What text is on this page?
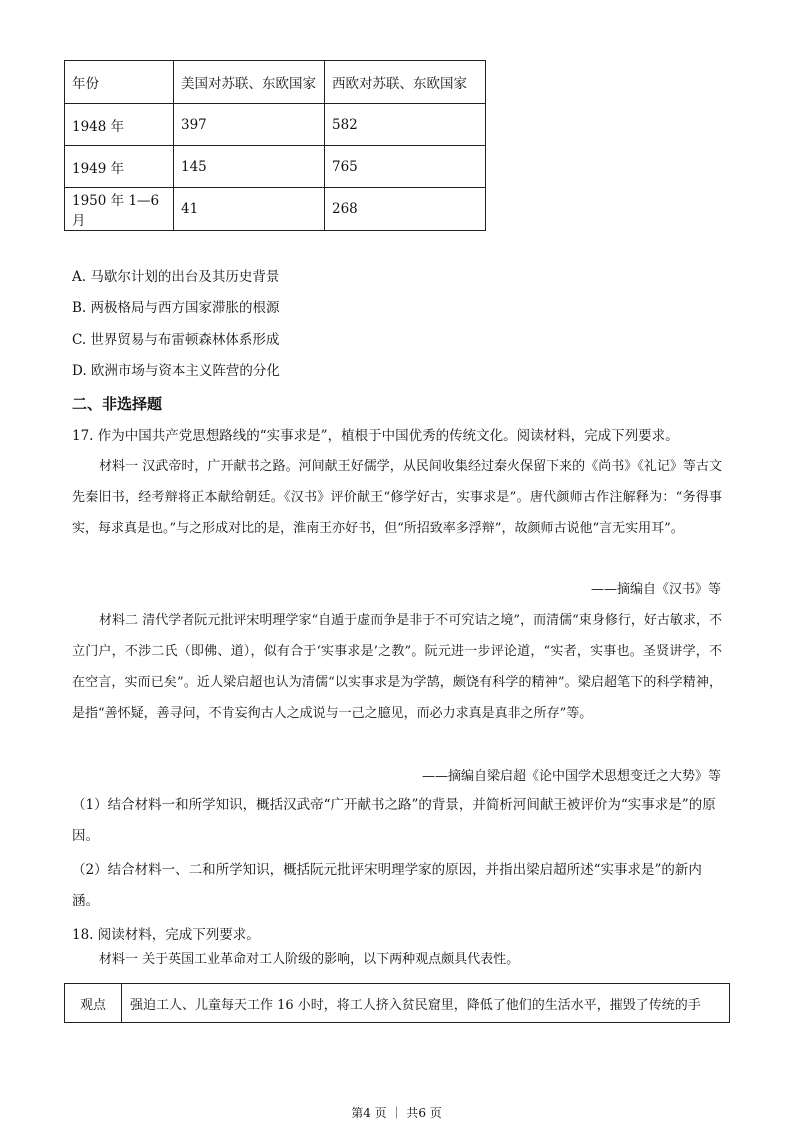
年份	美国对苏联、东欧国家	西欧对苏联、东欧国家
1948 年	397	582
1949 年	145	765
1950 年 1—6 月	41	268
A. 马歇尔计划的出台及其历史背景
B. 两极格局与西方国家滞胀的根源
C. 世界贸易与布雷顿森林体系形成
D. 欧洲市场与资本主义阵营的分化
二、非选择题
17. 作为中国共产党思想路线的“实事求是”，植根于中国优秀的传统文化。阅读材料，完成下列要求。
材料一 汉武帝时，广开献书之路。河间献王好儒学，从民间收集经过秦火保留下来的《尚书》《礼记》等古文先秦旧书，经考辩将正本献给朝廷。《汉书》评价献王“修学好古，实事求是”。唐代颜师古作注解释为：“务得事实，每求真是也。”与之形成对比的是，淮南王亦好书，但“所招致率多浮辩”，故颜师古说他“言无实用耳”。
——摘编自《汉书》等
材料二 清代学者阮元批评宋明理学家“自遁于虚而争是非于不可究诘之境”，而清儒“束身修行，好古敏求，不立门户，不涉二氏（即佛、道），似有合于‘实事求是’之教”。阮元进一步评论道，“实者，实事也。圣贤讲学，不在空言，实而已矣”。近人梁启超也认为清儒“以实事求是为学鹄，颇饶有科学的精神”。梁启超笔下的科学精神，是指“善怀疑，善寻问，不肯妄徇古人之成说与一己之臆见，而必力求真是真非之所存”等。
——摘编自梁启超《论中国学术思想变迁之大势》等
（1）结合材料一和所学知识，概括汉武帝“广开献书之路”的背景，并简析河间献王被评价为“实事求是”的原因。
（2）结合材料一、二和所学知识，概括阮元批评宋明理学家的原因，并指出梁启超所述“实事求是”的新内涵。
18. 阅读材料，完成下列要求。
材料一 关于英国工业革命对工人阶级的影响，以下两种观点颇具代表性。
观点	强迫工人、儿童每天工作 16 小时，将工人挤入贫民窟里，降低了他们的生活水平，摧毁了传统的手
第4 页 ｜ 共6 页
